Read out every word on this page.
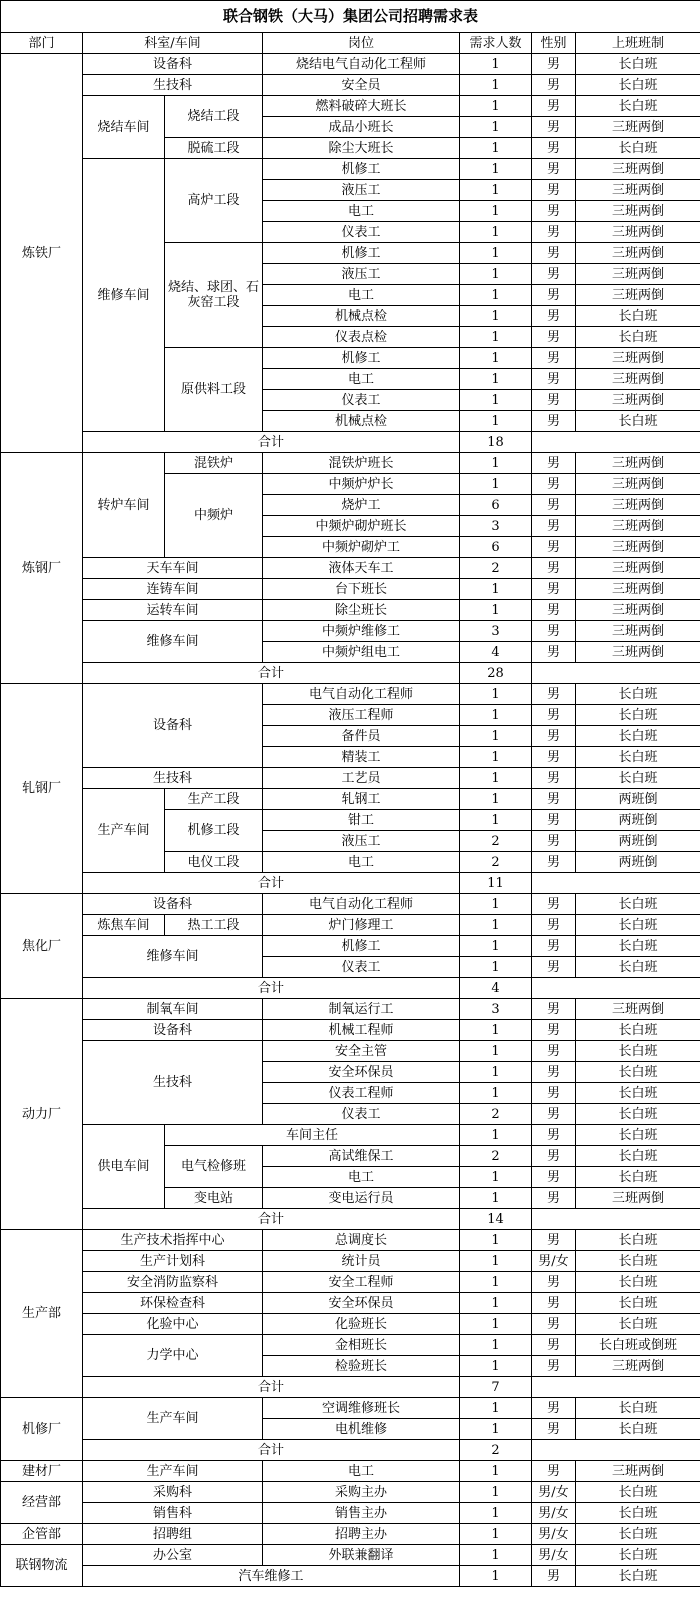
联合钢铁（大马）集团公司招聘需求表						
部门	科室/车间		岗位	需求人数	性别	上班班制
炼铁厂	设备科		烧结电气自动化工程师	1	男	长白班
	生技科		安全员	1	男	长白班
	烧结车间	烧结工段	燃料破碎大班长	1	男	长白班
			成品小班长	1	男	三班两倒
		脱硫工段	除尘大班长	1	男	长白班
	维修车间	高炉工段	机修工	1	男	三班两倒
			液压工	1	男	三班两倒
			电工	1	男	三班两倒
			仪表工	1	男	三班两倒
		烧结、球团、石灰窑工段	机修工	1	男	三班两倒
			液压工	1	男	三班两倒
			电工	1	男	三班两倒
			机械点检	1	男	长白班
			仪表点检	1	男	长白班
		原供料工段	机修工	1	男	三班两倒
			电工	1	男	三班两倒
			仪表工	1	男	三班两倒
			机械点检	1	男	长白班
	合计			18		
炼钢厂	转炉车间	混铁炉	混铁炉班长	1	男	三班两倒
		中频炉	中频炉炉长	1	男	三班两倒
			烧炉工	6	男	三班两倒
			中频炉砌炉班长	3	男	三班两倒
			中频炉砌炉工	6	男	三班两倒
	天车车间		液体天车工	2	男	三班两倒
	连铸车间		台下班长	1	男	三班两倒
	运转车间		除尘班长	1	男	三班两倒
	维修车间		中频炉维修工	3	男	三班两倒
			中频炉组电工	4	男	三班两倒
	合计			28		
轧钢厂	设备科		电气自动化工程师	1	男	长白班
			液压工程师	1	男	长白班
			备件员	1	男	长白班
			精装工	1	男	长白班
	生技科		工艺员	1	男	长白班
	生产车间	生产工段	轧钢工	1	男	两班倒
		机修工段	钳工	1	男	两班倒
			液压工	2	男	两班倒
		电仪工段	电工	2	男	两班倒
	合计			11		
焦化厂	设备科		电气自动化工程师	1	男	长白班
	炼焦车间	热工工段	炉门修理工	1	男	长白班
	维修车间		机修工	1	男	长白班
			仪表工	1	男	长白班
	合计			4		
动力厂	制氧车间		制氧运行工	3	男	三班两倒
	设备科		机械工程师	1	男	长白班
	生技科		安全主管	1	男	长白班
			安全环保员	1	男	长白班
			仪表工程师	1	男	长白班
			仪表工	2	男	长白班
	供电车间	车间主任		1	男	长白班
		电气检修班	高试维保工	2	男	长白班
			电工	1	男	长白班
		变电站	变电运行员	1	男	三班两倒
	合计			14		
生产部	生产技术指挥中心		总调度长	1	男	长白班
	生产计划科		统计员	1	男/女	长白班
	安全消防监察科		安全工程师	1	男	长白班
	环保检查科		安全环保员	1	男	长白班
	化验中心		化验班长	1	男	长白班
	力学中心		金相班长	1	男	长白班或倒班
			检验班长	1	男	三班两倒
	合计			7		
机修厂	生产车间		空调维修班长	1	男	长白班
			电机维修	1	男	长白班
	合计			2		
建材厂	生产车间		电工	1	男	三班两倒
经营部	采购科		采购主办	1	男/女	长白班
	销售科		销售主办	1	男/女	长白班
企管部	招聘组		招聘主办	1	男/女	长白班
联钢物流	办公室		外联兼翻译	1	男/女	长白班
	汽车维修工			1	男	长白班
